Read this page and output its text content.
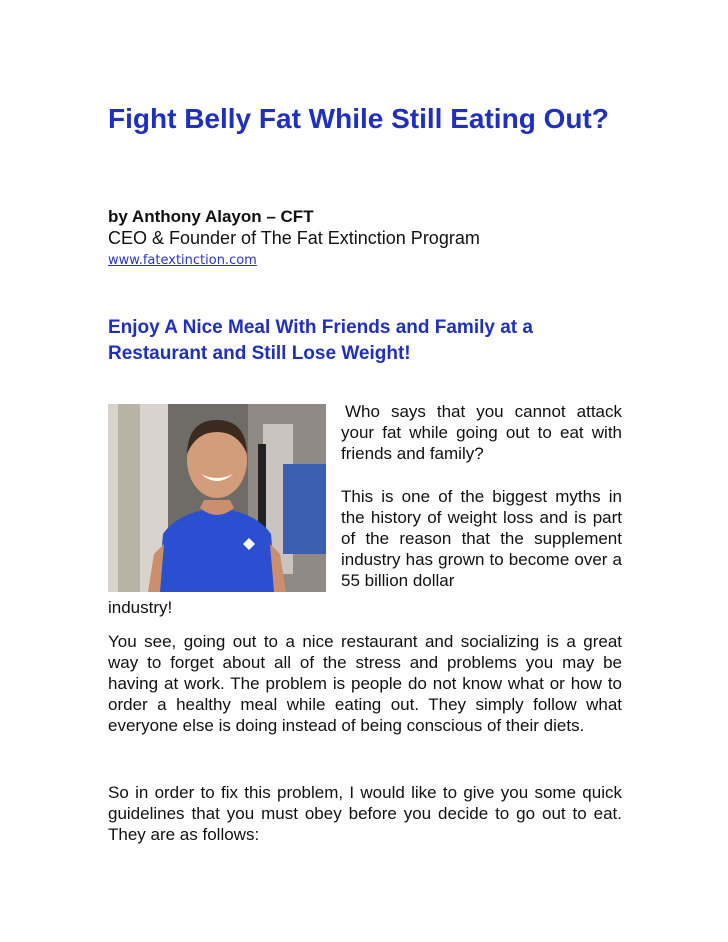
Fight Belly Fat While Still Eating Out?
by Anthony Alayon – CFT
CEO & Founder of The Fat Extinction Program
www.fatextinction.com
Enjoy A Nice Meal With Friends and Family at a Restaurant and Still Lose Weight!

Who says that you cannot attack your fat while going out to eat with friends and family?

This is one of the biggest myths in the history of weight loss and is part of the reason that the supplement industry has grown to become over a 55 billion dollar

industry!

You see, going out to a nice restaurant and socializing is a great way to forget about all of the stress and problems you may be having at work. The problem is people do not know what or how to order a healthy meal while eating out. They simply follow what everyone else is doing instead of being conscious of their diets.

So in order to fix this problem, I would like to give you some quick guidelines that you must obey before you decide to go out to eat. They are as follows:
